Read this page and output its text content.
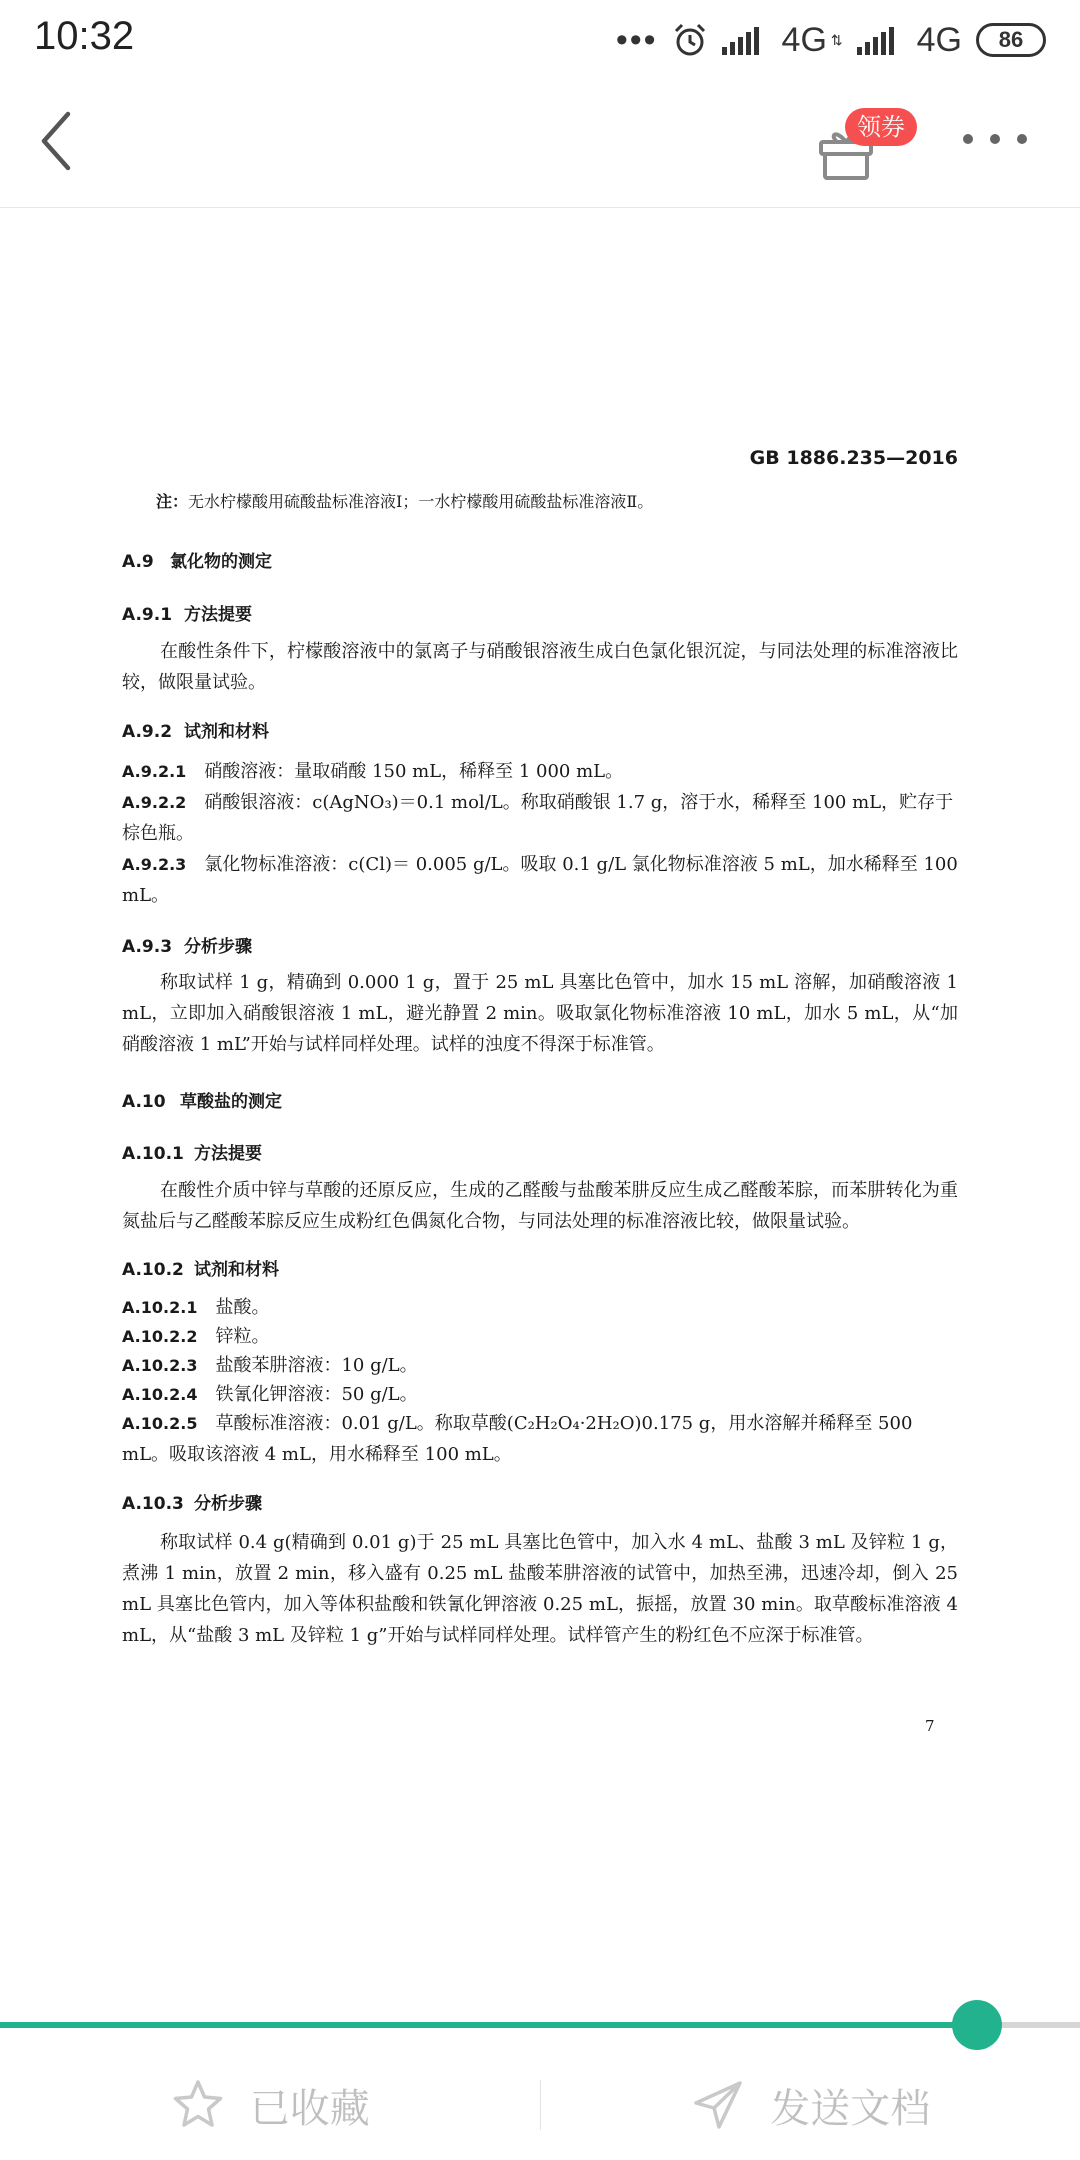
10:32	•••	4G ⇅ 4G	86
领券
GB 1886.235—2016
注：无水柠檬酸用硫酸盐标准溶液Ⅰ；一水柠檬酸用硫酸盐标准溶液Ⅱ。
A.9 氯化物的测定
A.9.1 方法提要
在酸性条件下，柠檬酸溶液中的氯离子与硝酸银溶液生成白色氯化银沉淀，与同法处理的标准溶液比较，做限量试验。
A.9.2 试剂和材料
A.9.2.1 硝酸溶液：量取硝酸 150 mL，稀释至 1 000 mL。
A.9.2.2 硝酸银溶液：c(AgNO₃)＝0.1 mol/L。称取硝酸银 1.7 g，溶于水，稀释至 100 mL，贮存于棕色瓶。
A.9.2.3 氯化物标准溶液：c(Cl)＝ 0.005 g/L。吸取 0.1 g/L 氯化物标准溶液 5 mL，加水稀释至 100 mL。
A.9.3 分析步骤
称取试样 1 g，精确到 0.000 1 g，置于 25 mL 具塞比色管中，加水 15 mL 溶解，加硝酸溶液 1 mL，立即加入硝酸银溶液 1 mL，避光静置 2 min。吸取氯化物标准溶液 10 mL，加水 5 mL，从“加硝酸溶液 1 mL”开始与试样同样处理。试样的浊度不得深于标准管。
A.10 草酸盐的测定
A.10.1 方法提要
在酸性介质中锌与草酸的还原反应，生成的乙醛酸与盐酸苯肼反应生成乙醛酸苯腙，而苯肼转化为重氮盐后与乙醛酸苯腙反应生成粉红色偶氮化合物，与同法处理的标准溶液比较，做限量试验。
A.10.2 试剂和材料
A.10.2.1 盐酸。
A.10.2.2 锌粒。
A.10.2.3 盐酸苯肼溶液：10 g/L。
A.10.2.4 铁氰化钾溶液：50 g/L。
A.10.2.5 草酸标准溶液：0.01 g/L。称取草酸(C₂H₂O₄·2H₂O)0.175 g，用水溶解并稀释至 500 mL。吸取该溶液 4 mL，用水稀释至 100 mL。
A.10.3 分析步骤
称取试样 0.4 g(精确到 0.01 g)于 25 mL 具塞比色管中，加入水 4 mL、盐酸 3 mL 及锌粒 1 g，煮沸 1 min，放置 2 min，移入盛有 0.25 mL 盐酸苯肼溶液的试管中，加热至沸，迅速冷却，倒入 25 mL 具塞比色管内，加入等体积盐酸和铁氰化钾溶液 0.25 mL，振摇，放置 30 min。取草酸标准溶液 4 mL，从“盐酸 3 mL 及锌粒 1 g”开始与试样同样处理。试样管产生的粉红色不应深于标准管。
7
已收藏	发送文档
